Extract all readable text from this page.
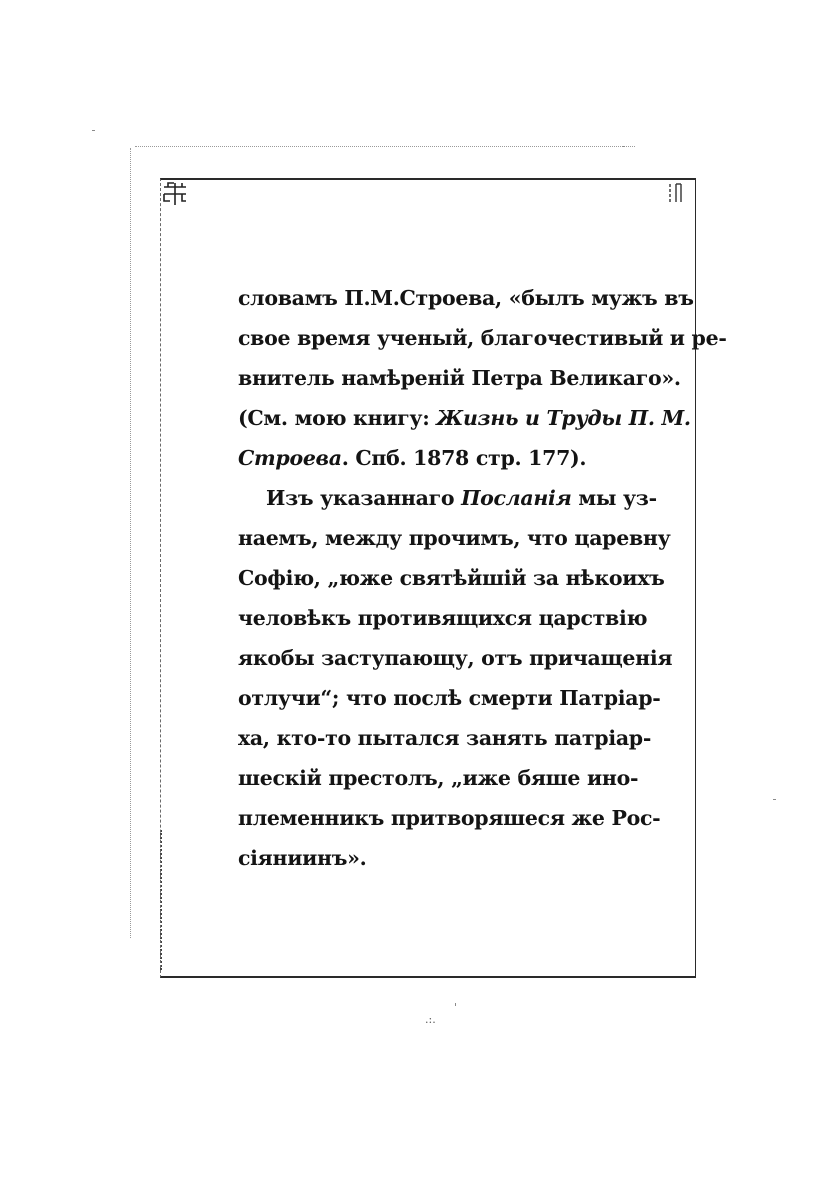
словамъ П.М.Строева, «былъ мужъ въ
свое время ученый, благочестивый и ре-
внитель намѣреній Петра Великаго».
(См. мою книгу: Жизнь и Труды П. М.
Строева. Спб. 1878 стр. 177).
Изъ указаннаго Посланія мы уз-
наемъ, между прочимъ, что царевну
Софію, „юже святѣйшій за нѣкоихъ
человѣкъ противящихся царствію
якобы заступающу, отъ причащенія
отлучи“; что послѣ смерти Патріар-
ха, кто-то пытался занять патріар-
шескій престолъ, „иже бяше ино-
племенникъ притворяшеся же Рос-
сіяниинъ».
.:.
